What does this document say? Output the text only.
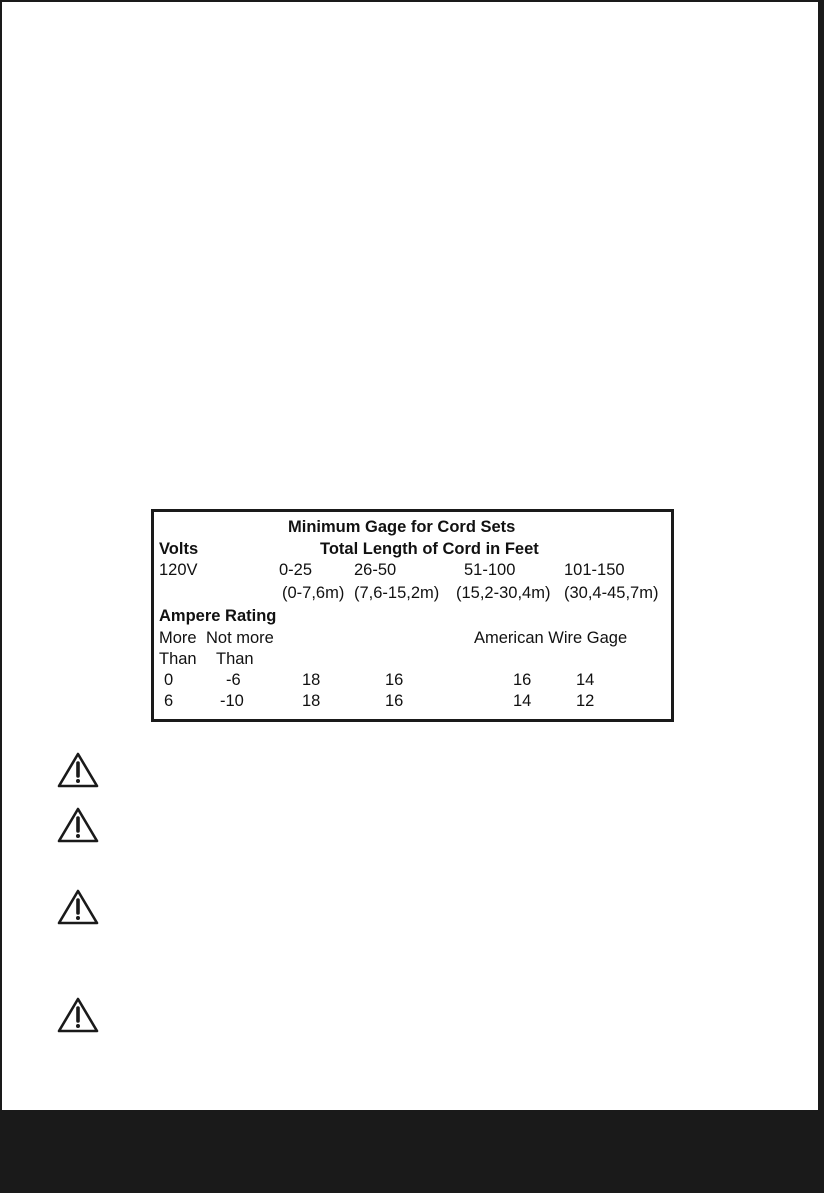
Minimum Gage for Cord Sets
Volts	Total Length of Cord in Feet
120V	0-25	26-50	51-100	101-150
(0-7,6m) (7,6-15,2m) (15,2-30,4m) (30,4-45,7m)
Ampere Rating
More Not more	American Wire Gage
Than Than
0	-6	18	16	16	14
6	-10	18	16	14	12
